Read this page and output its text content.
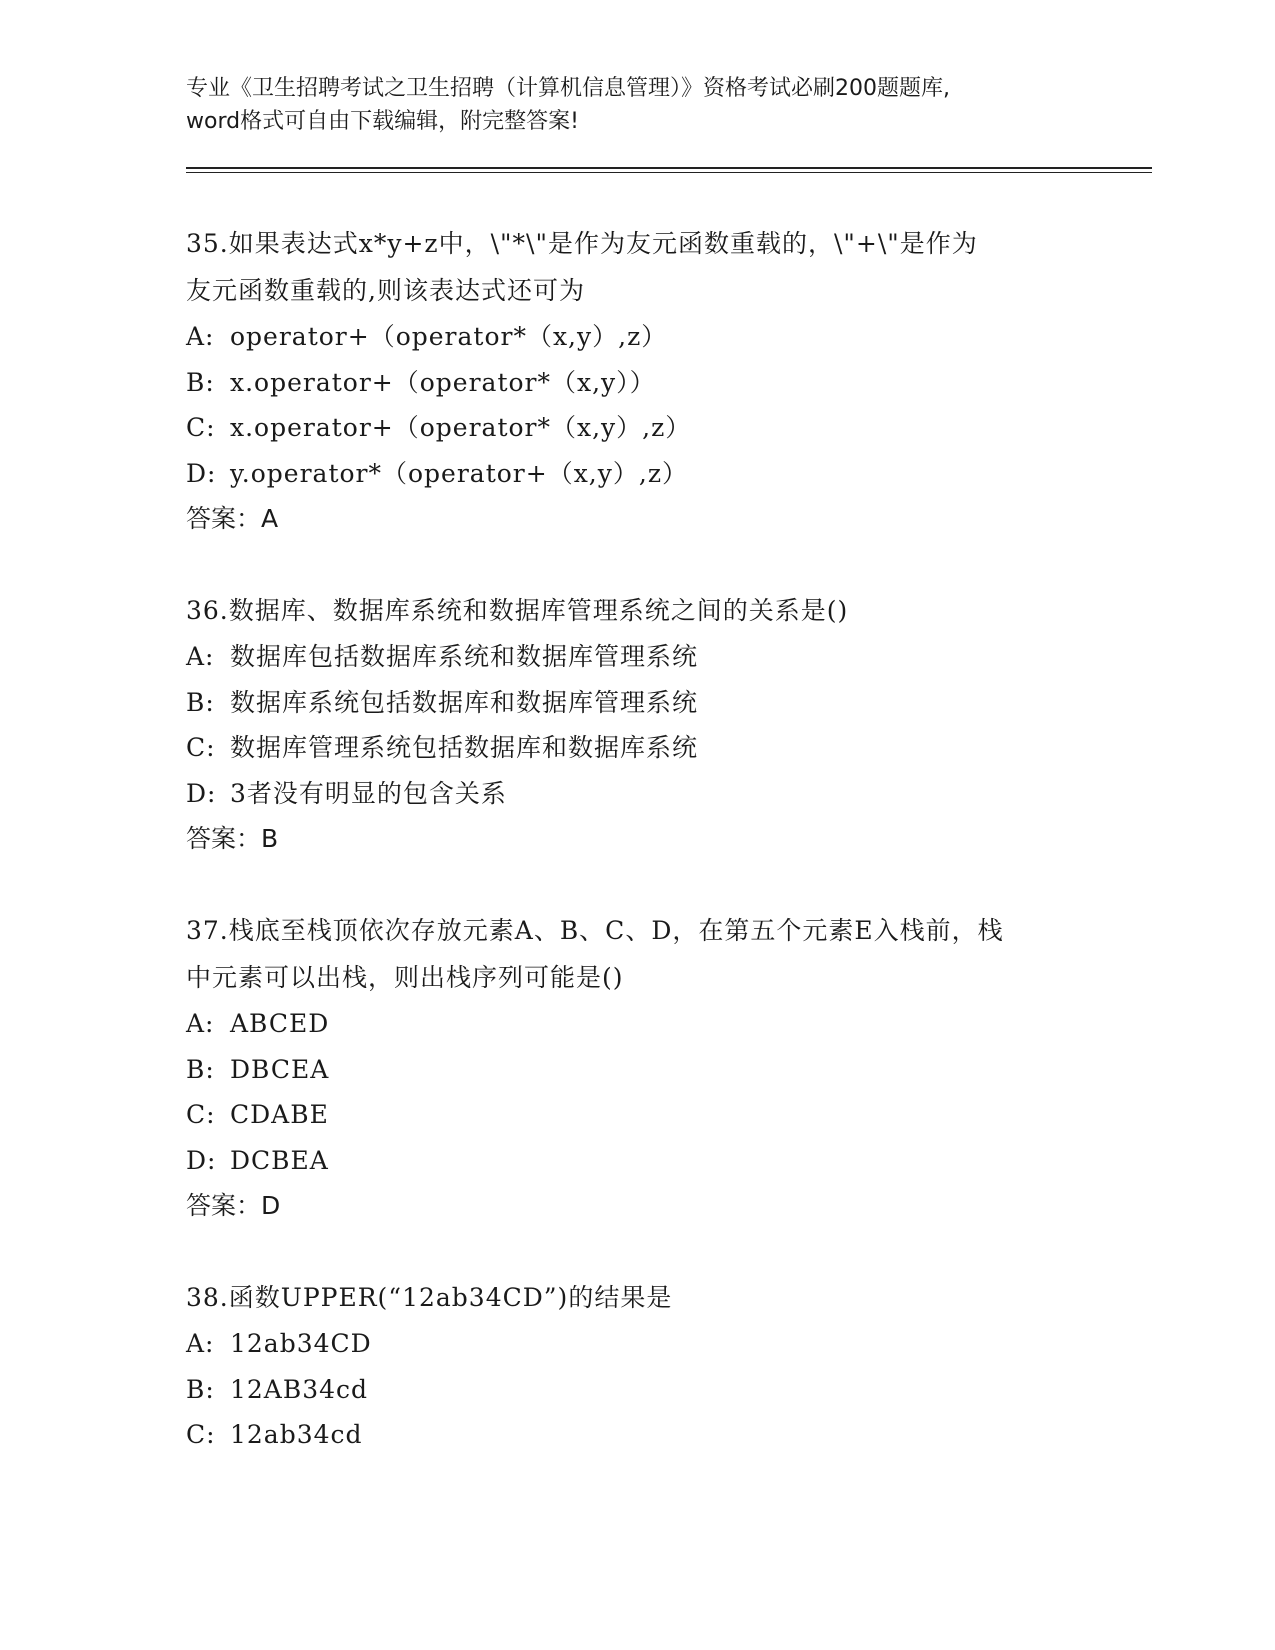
专业《卫生招聘考试之卫生招聘（计算机信息管理）》资格考试必刷200题题库,

word格式可自由下载编辑，附完整答案!

35.如果表达式x*y+z中，\"*\"是作为友元函数重载的，\"+\"是作为
友元函数重载的,则该表达式还可为

A: operator+（operator*（x,y）,z）

B: x.operator+（operator*（x,y））

C: x.operator+（operator*（x,y）,z）

D: y.operator*（operator+（x,y）,z）

答案：A

36.数据库、数据库系统和数据库管理系统之间的关系是()

A: 数据库包括数据库系统和数据库管理系统

B: 数据库系统包括数据库和数据库管理系统

C: 数据库管理系统包括数据库和数据库系统

D: 3者没有明显的包含关系

答案：B

37.栈底至栈顶依次存放元素A、B、C、D，在第五个元素E入栈前，栈
中元素可以出栈，则出栈序列可能是()

A: ABCED

B: DBCEA

C: CDABE

D: DCBEA

答案：D

38.函数UPPER(“12ab34CD”)的结果是

A: 12ab34CD

B: 12AB34cd

C: 12ab34cd
